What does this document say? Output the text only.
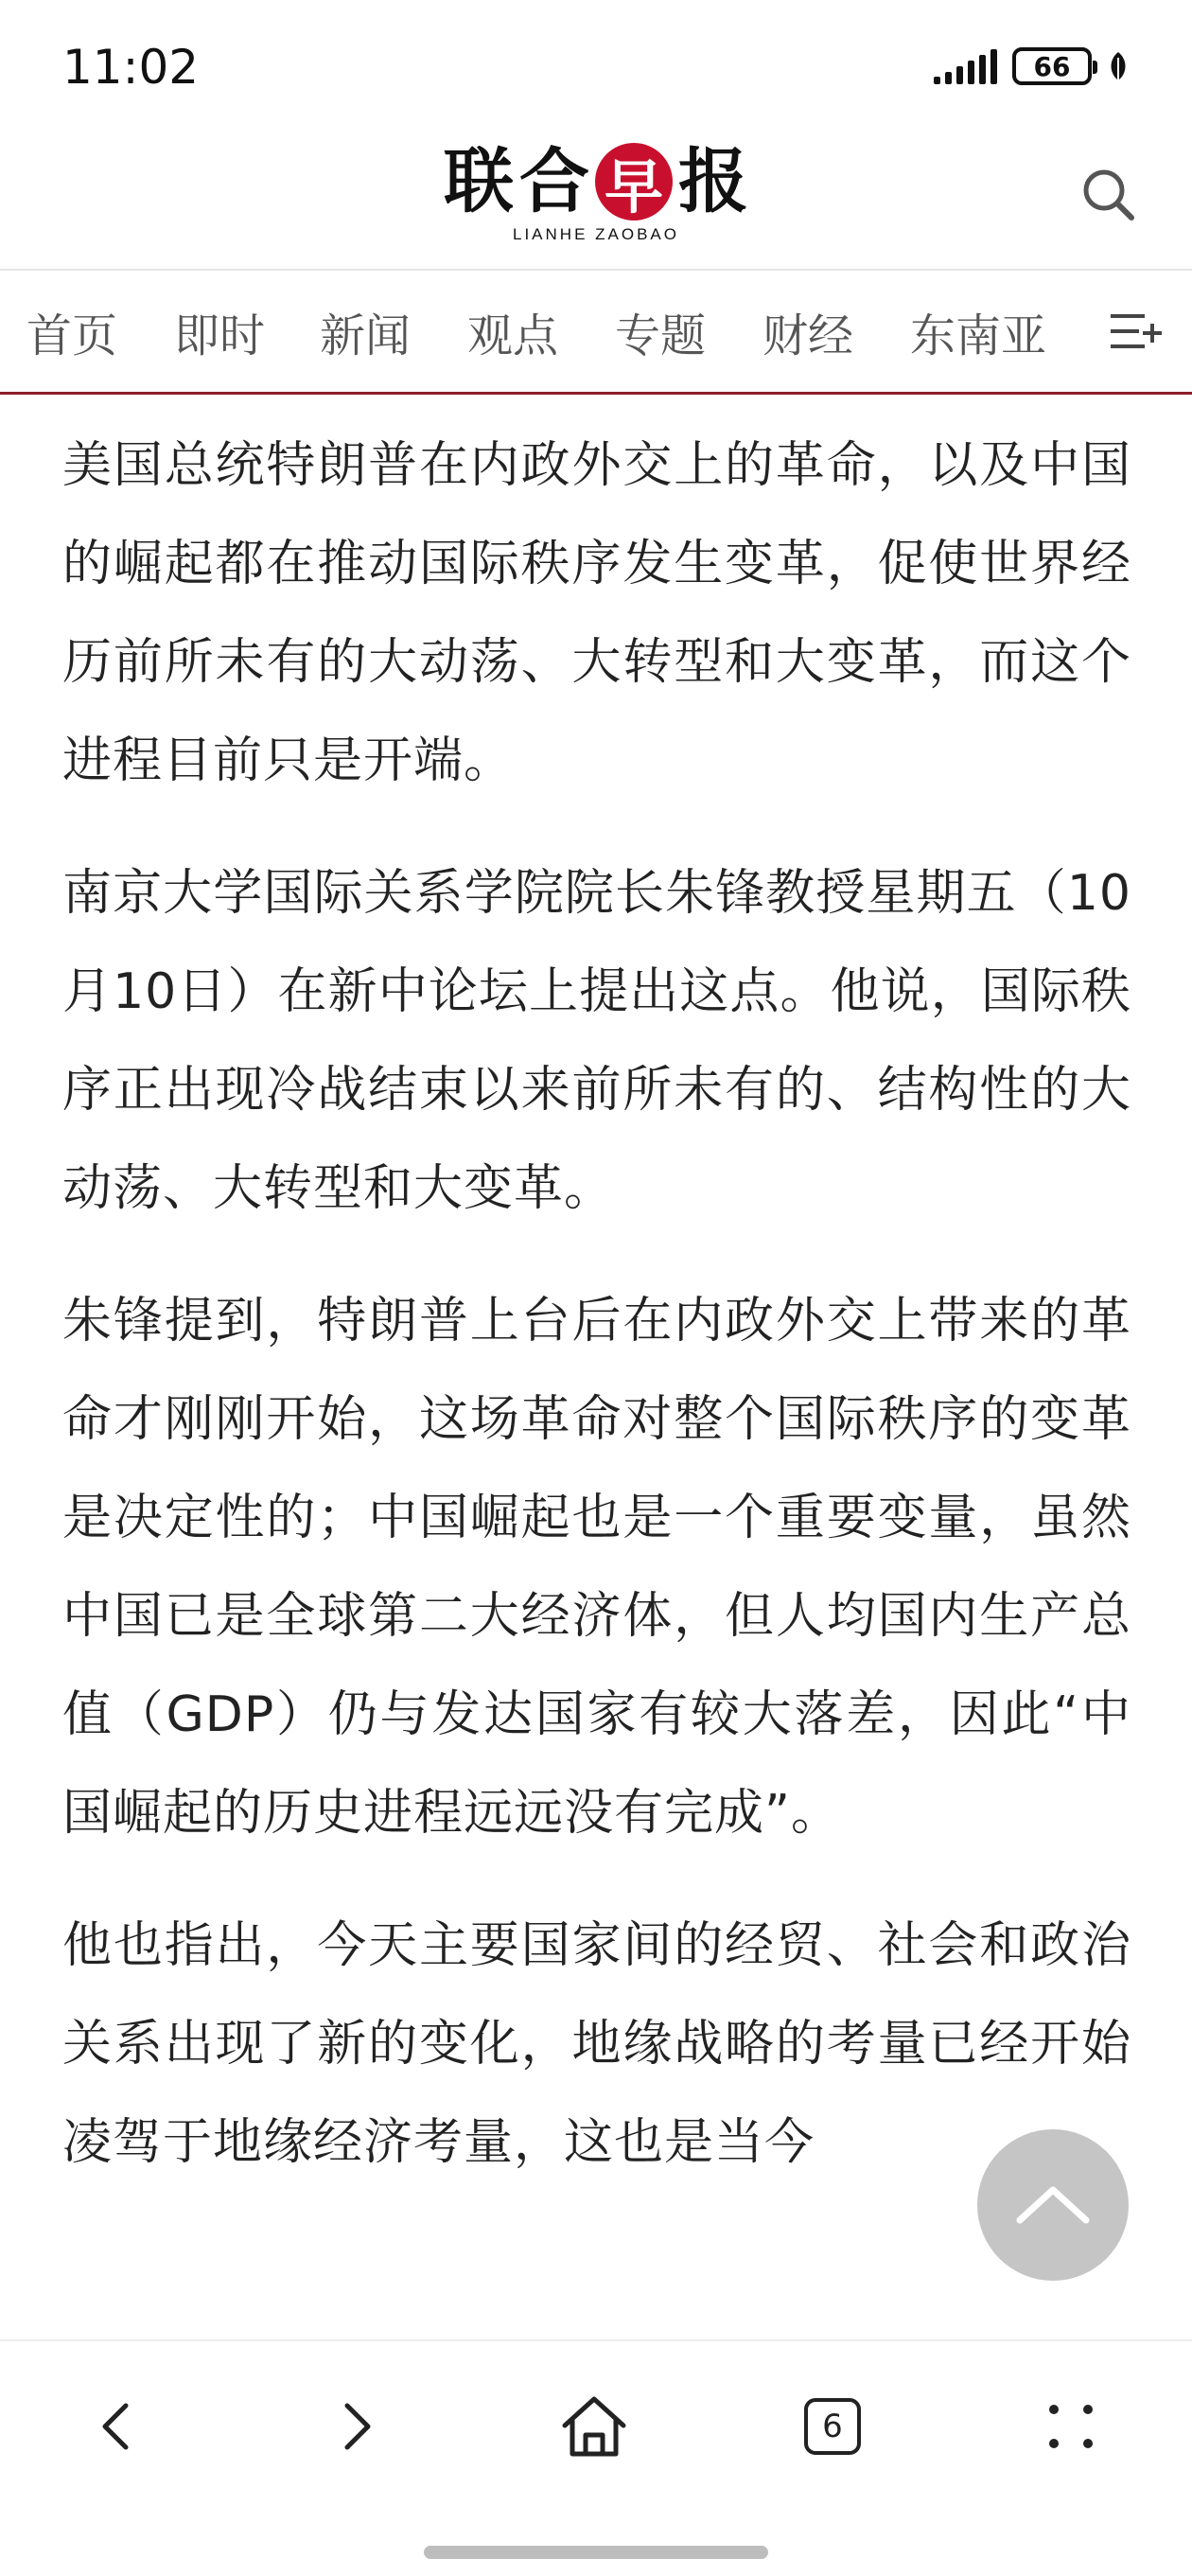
11:02	66
联 合 早 报
LIANHE ZAOBAO
首页 即时 新闻 观点 专题 财经 东南亚

美国总统特朗普在内政外交上的革命，以及中国的崛起都在推动国际秩序发生变革，促使世界经历前所未有的大动荡、大转型和大变革，而这个进程目前只是开端。

南京大学国际关系学院院长朱锋教授星期五（10月10日）在新中论坛上提出这点。他说，国际秩序正出现冷战结束以来前所未有的、结构性的大动荡、大转型和大变革。

朱锋提到，特朗普上台后在内政外交上带来的革命才刚刚开始，这场革命对整个国际秩序的变革是决定性的；中国崛起也是一个重要变量，虽然中国已是全球第二大经济体，但人均国内生产总值（GDP）仍与发达国家有较大落差，因此“中国崛起的历史进程远远没有完成”。

他也指出，今天主要国家间的经贸、社会和政治关系出现了新的变化，地缘战略的考量已经开始凌驾于地缘经济考量，这也是当今

6
